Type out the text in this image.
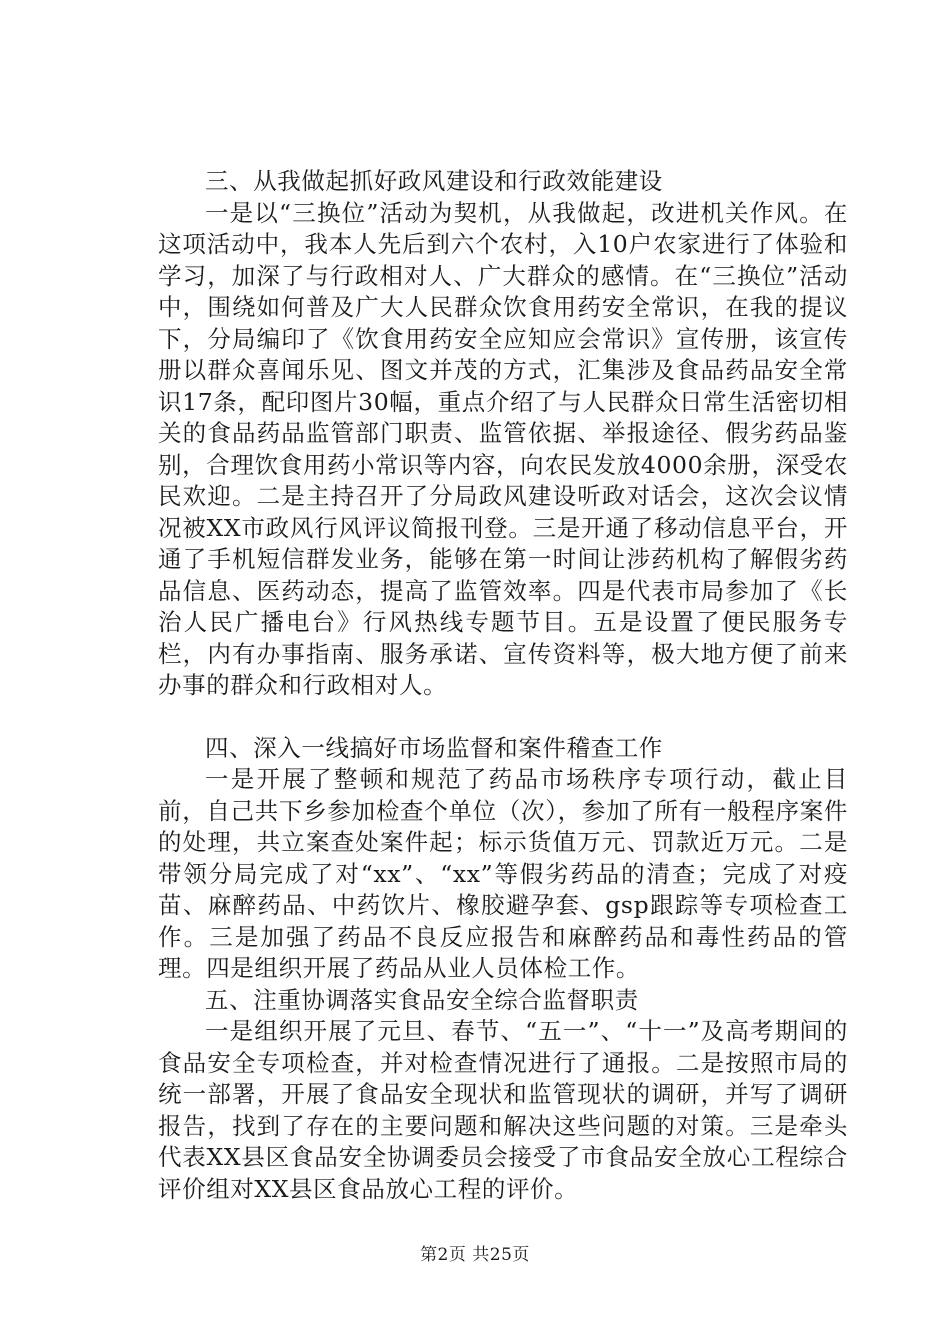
三、从我做起抓好政风建设和行政效能建设

一是以“三换位”活动为契机，从我做起，改进机关作风。在这项活动中，我本人先后到六个农村，入10户农家进行了体验和学习，加深了与行政相对人、广大群众的感情。在“三换位”活动中，围绕如何普及广大人民群众饮食用药安全常识，在我的提议下，分局编印了《饮食用药安全应知应会常识》宣传册，该宣传册以群众喜闻乐见、图文并茂的方式，汇集涉及食品药品安全常识17条，配印图片30幅，重点介绍了与人民群众日常生活密切相关的食品药品监管部门职责、监管依据、举报途径、假劣药品鉴别，合理饮食用药小常识等内容，向农民发放4000余册，深受农民欢迎。二是主持召开了分局政风建设听政对话会，这次会议情况被XX市政风行风评议简报刊登。三是开通了移动信息平台，开通了手机短信群发业务，能够在第一时间让涉药机构了解假劣药品信息、医药动态，提高了监管效率。四是代表市局参加了《长治人民广播电台》行风热线专题节目。五是设置了便民服务专栏，内有办事指南、服务承诺、宣传资料等，极大地方便了前来办事的群众和行政相对人。

四、深入一线搞好市场监督和案件稽查工作

一是开展了整顿和规范了药品市场秩序专项行动，截止目前，自己共下乡参加检查个单位（次），参加了所有一般程序案件的处理，共立案查处案件起；标示货值万元、罚款近万元。二是带领分局完成了对“xx”、“xx”等假劣药品的清查；完成了对疫苗、麻醉药品、中药饮片、橡胶避孕套、gsp跟踪等专项检查工作。三是加强了药品不良反应报告和麻醉药品和毒性药品的管理。四是组织开展了药品从业人员体检工作。

五、注重协调落实食品安全综合监督职责

一是组织开展了元旦、春节、“五一”、“十一”及高考期间的食品安全专项检查，并对检查情况进行了通报。二是按照市局的统一部署，开展了食品安全现状和监管现状的调研，并写了调研报告，找到了存在的主要问题和解决这些问题的对策。三是牵头代表XX县区食品安全协调委员会接受了市食品安全放心工程综合评价组对XX县区食品放心工程的评价。

第2页 共25页
